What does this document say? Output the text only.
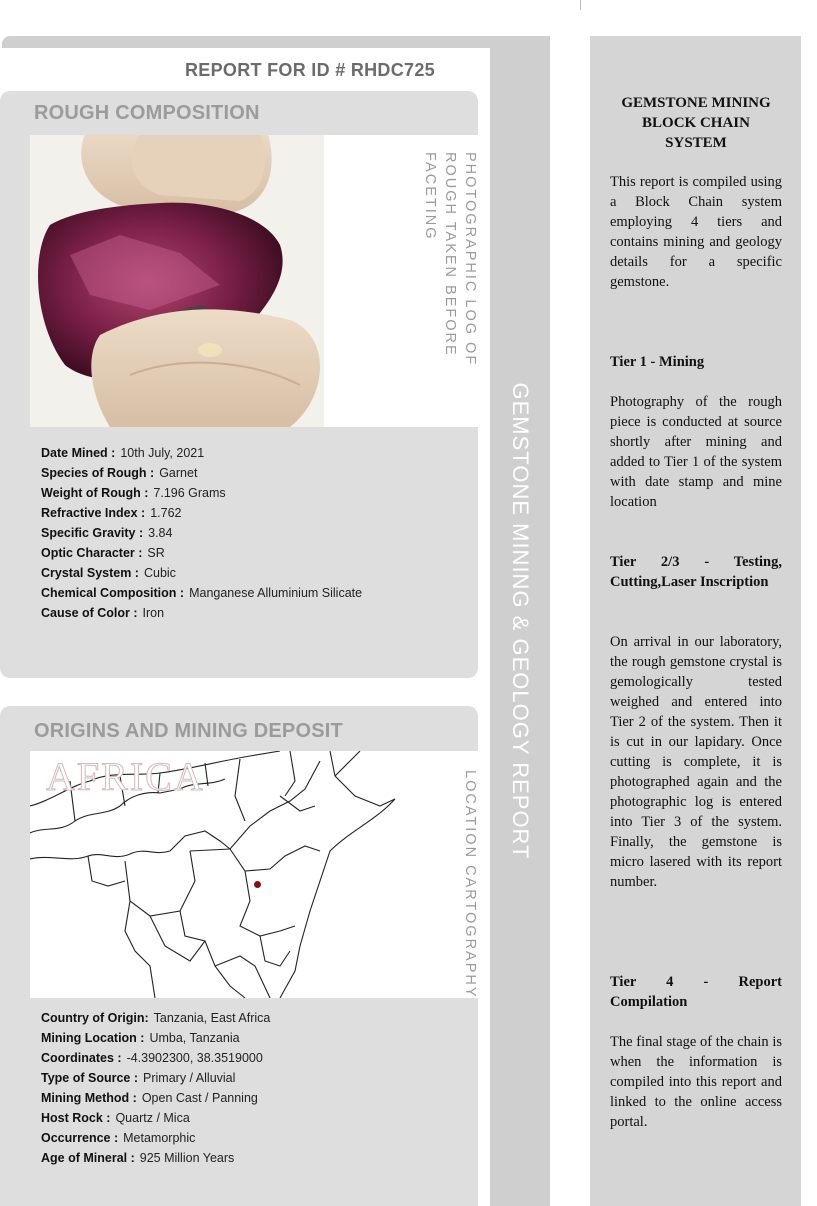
GEMSTONE MINING & GEOLOGY REPORT
REPORT FOR ID # RHDC725
ROUGH COMPOSITION
PHOTOGRAPHIC LOG OF ROUGH TAKEN BEFORE FACETING
Date Mined : 10th July, 2021
Species of Rough : Garnet
Weight of Rough : 7.196 Grams
Refractive Index : 1.762
Specific Gravity : 3.84
Optic Character : SR
Crystal System : Cubic
Chemical Composition : Manganese Alluminium Silicate
Cause of Color : Iron
ORIGINS AND MINING DEPOSIT
AFRICA	LOCATION CARTOGRAPHY
Country of Origin: Tanzania, East Africa
Mining Location : Umba, Tanzania
Coordinates : -4.3902300, 38.3519000
Type of Source : Primary / Alluvial
Mining Method : Open Cast / Panning
Host Rock : Quartz / Mica
Occurrence : Metamorphic
Age of Mineral : 925 Million Years
GEMSTONE MINING BLOCK CHAIN SYSTEM
This report is compiled using a Block Chain system employing 4 tiers and contains mining and geology details for a specific gemstone.
Tier 1 - Mining
Photography of the rough piece is conducted at source shortly after mining and added to Tier 1 of the system with date stamp and mine location
Tier 2/3 - Testing, Cutting,Laser Inscription
On arrival in our laboratory, the rough gemstone crystal is gemologically tested weighed and entered into Tier 2 of the system. Then it is cut in our lapidary. Once cutting is complete, it is photographed again and the photographic log is entered into Tier 3 of the system. Finally, the gemstone is micro lasered with its report number.
Tier 4 - Report Compilation
The final stage of the chain is when the information is compiled into this report and linked to the online access portal.
